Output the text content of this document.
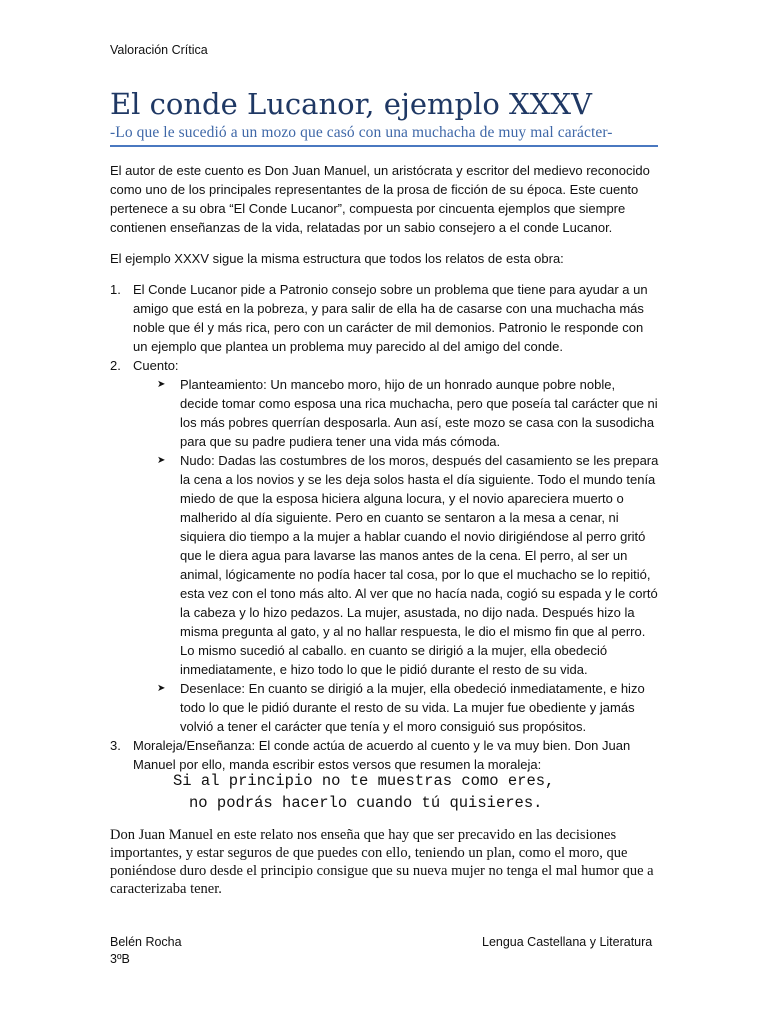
Valoración Crítica
El conde Lucanor, ejemplo XXXV
-Lo que le sucedió a un mozo que casó con una muchacha de muy mal carácter-
El autor de este cuento es Don Juan Manuel, un aristócrata y escritor del medievo reconocido
como uno de los principales representantes de la prosa de ficción de su época. Este cuento
pertenece a su obra “El Conde Lucanor”, compuesta por cincuenta ejemplos que siempre
contienen enseñanzas de la vida, relatadas por un sabio consejero a el conde Lucanor.
El ejemplo XXXV sigue la misma estructura que todos los relatos de esta obra:
1. El Conde Lucanor pide a Patronio consejo sobre un problema que tiene para ayudar a un
amigo que está en la pobreza, y para salir de ella ha de casarse con una muchacha más
noble que él y más rica, pero con un carácter de mil demonios. Patronio le responde con
un ejemplo que plantea un problema muy parecido al del amigo del conde.
2. Cuento:
➤ Planteamiento: Un mancebo moro, hijo de un honrado aunque pobre noble,
decide tomar como esposa una rica muchacha, pero que poseía tal carácter que ni
los más pobres querrían desposarla. Aun así, este mozo se casa con la susodicha
para que su padre pudiera tener una vida más cómoda.
➤ Nudo: Dadas las costumbres de los moros, después del casamiento se les prepara
la cena a los novios y se les deja solos hasta el día siguiente. Todo el mundo tenía
miedo de que la esposa hiciera alguna locura, y el novio apareciera muerto o
malherido al día siguiente. Pero en cuanto se sentaron a la mesa a cenar, ni
siquiera dio tiempo a la mujer a hablar cuando el novio dirigiéndose al perro gritó
que le diera agua para lavarse las manos antes de la cena. El perro, al ser un
animal, lógicamente no podía hacer tal cosa, por lo que el muchacho se lo repitió,
esta vez con el tono más alto. Al ver que no hacía nada, cogió su espada y le cortó
la cabeza y lo hizo pedazos. La mujer, asustada, no dijo nada. Después hizo la
misma pregunta al gato, y al no hallar respuesta, le dio el mismo fin que al perro.
Lo mismo sucedió al caballo. en cuanto se dirigió a la mujer, ella obedeció
inmediatamente, e hizo todo lo que le pidió durante el resto de su vida.
➤ Desenlace: En cuanto se dirigió a la mujer, ella obedeció inmediatamente, e hizo
todo lo que le pidió durante el resto de su vida. La mujer fue obediente y jamás
volvió a tener el carácter que tenía y el moro consiguió sus propósitos.
3. Moraleja/Enseñanza: El conde actúa de acuerdo al cuento y le va muy bien. Don Juan
Manuel por ello, manda escribir estos versos que resumen la moraleja:
Si al principio no te muestras como eres,
no podrás hacerlo cuando tú quisieres.
Don Juan Manuel en este relato nos enseña que hay que ser precavido en las decisiones
importantes, y estar seguros de que puedes con ello, teniendo un plan, como el moro, que
poniéndose duro desde el principio consigue que su nueva mujer no tenga el mal humor que a
caracterizaba tener.
Belén Rocha
3ºB
Lengua Castellana y Literatura
